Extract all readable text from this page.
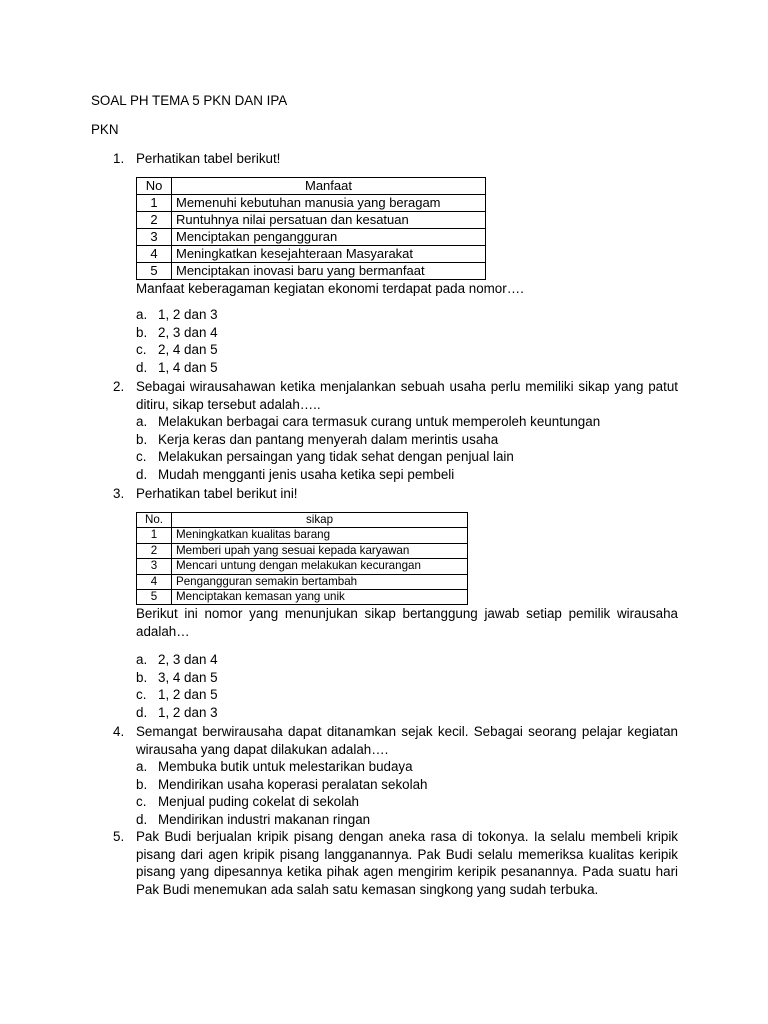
SOAL PH TEMA 5 PKN DAN IPA
PKN
1. Perhatikan tabel berikut!
No	Manfaat
1	Memenuhi kebutuhan manusia yang beragam
2	Runtuhnya nilai persatuan dan kesatuan
3	Menciptakan pengangguran
4	Meningkatkan kesejahteraan Masyarakat
5	Menciptakan inovasi baru yang bermanfaat
Manfaat keberagaman kegiatan ekonomi terdapat pada nomor….
a. 1, 2 dan 3
b. 2, 3 dan 4
c. 2, 4 dan 5
d. 1, 4 dan 5
2. Sebagai wirausahawan ketika menjalankan sebuah usaha perlu memiliki sikap yang patut ditiru, sikap tersebut adalah…..
a. Melakukan berbagai cara termasuk curang untuk memperoleh keuntungan
b. Kerja keras dan pantang menyerah dalam merintis usaha
c. Melakukan persaingan yang tidak sehat dengan penjual lain
d. Mudah mengganti jenis usaha ketika sepi pembeli
3. Perhatikan tabel berikut ini!
No.	sikap
1	Meningkatkan kualitas barang
2	Memberi upah yang sesuai kepada karyawan
3	Mencari untung dengan melakukan kecurangan
4	Pengangguran semakin bertambah
5	Menciptakan kemasan yang unik
Berikut ini nomor yang menunjukan sikap bertanggung jawab setiap pemilik wirausaha adalah…
a. 2, 3 dan 4
b. 3, 4 dan 5
c. 1, 2 dan 5
d. 1, 2 dan 3
4. Semangat berwirausaha dapat ditanamkan sejak kecil. Sebagai seorang pelajar kegiatan wirausaha yang dapat dilakukan adalah….
a. Membuka butik untuk melestarikan budaya
b. Mendirikan usaha koperasi peralatan sekolah
c. Menjual puding cokelat di sekolah
d. Mendirikan industri makanan ringan
5. Pak Budi berjualan kripik pisang dengan aneka rasa di tokonya. Ia selalu membeli kripik pisang dari agen kripik pisang langganannya. Pak Budi selalu memeriksa kualitas keripik pisang yang dipesannya ketika pihak agen mengirim keripik pesanannya. Pada suatu hari Pak Budi menemukan ada salah satu kemasan singkong yang sudah terbuka.
